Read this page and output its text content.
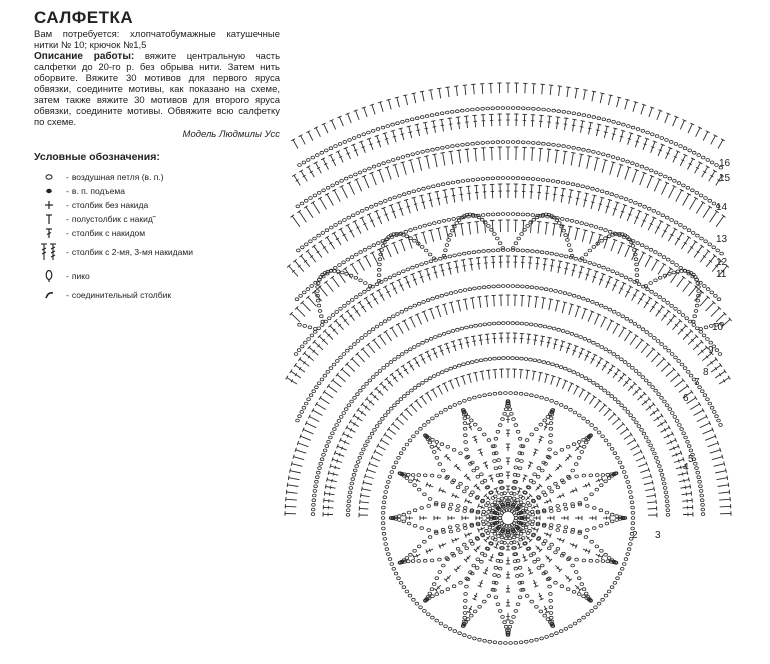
САЛФЕТКА

Вам потребуется: хлопчатобумажные катушечные нитки № 10; крючок №1,5

Описание работы: вяжите центральную часть салфетки до 20-го р. без обрыва нити. Затем нить оборвите. Вяжите 30 мотивов для первого яруса обвязки, соедините мотивы, как показано на схеме, затем также вяжите 30 мотивов для второго яруса обвязки, соедините мотивы. Обвяжите всю салфетку по схеме.

Модель Людмилы Усс
Условные обозначения:
- воздушная петля (в. п.)
- в. п. подъема
- столбик без накида
- полустолбик с накид˜
- столбик с накидом
- столбик с 2-мя, 3-мя накидами
- пико
- соединительный столбик
2 3
4
5
6
7
8
9
10
11
12
13
14
15
16
